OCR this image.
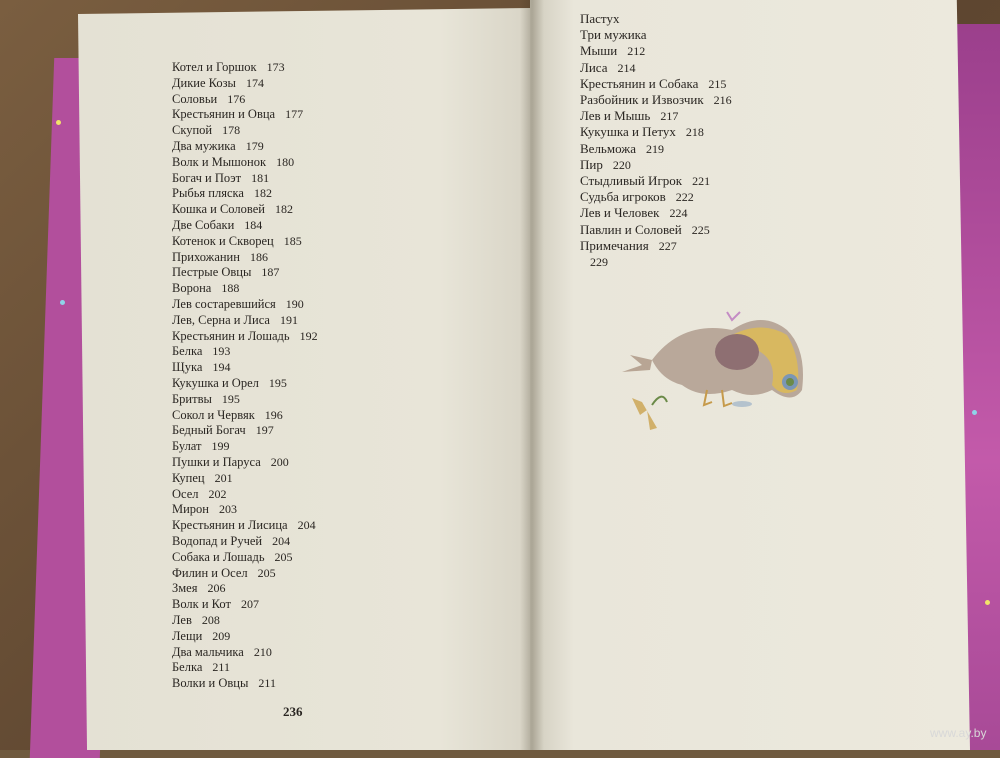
Котел и Горшок 173
Дикие Козы 174
Соловьи 176
Крестьянин и Овца 177
Скупой 178
Два мужика 179
Волк и Мышонок 180
Богач и Поэт 181
Рыбья пляска 182
Кошка и Соловей 182
Две Собаки 184
Котенок и Скворец 185
Прихожанин 186
Пестрые Овцы 187
Ворона 188
Лев состаревшийся 190
Лев, Серна и Лиса 191
Крестьянин и Лошадь 192
Белка 193
Щука 194
Кукушка и Орел 195
Бритвы 195
Сокол и Червяк 196
Бедный Богач 197
Булат 199
Пушки и Паруса 200
Купец 201
Осел 202
Мирон 203
Крестьянин и Лисица 204
Водопад и Ручей 204
Собака и Лошадь 205
Филин и Осел 205
Змея 206
Волк и Кот 207
Лев 208
Лещи 209
Два мальчика 210
Белка 211
Волки и Овцы 211
Пастух
Три мужика
Мыши 212
Лиса 214
Крестьянин и Собака 215
Разбойник и Извозчик 216
Лев и Мышь 217
Кукушка и Петух 218
Вельможа 219
Пир 220
Стыдливый Игрок 221
Судьба игроков 222
Лев и Человек 224
Павлин и Соловей 225
Примечания 227
229
236
www.ay.by
